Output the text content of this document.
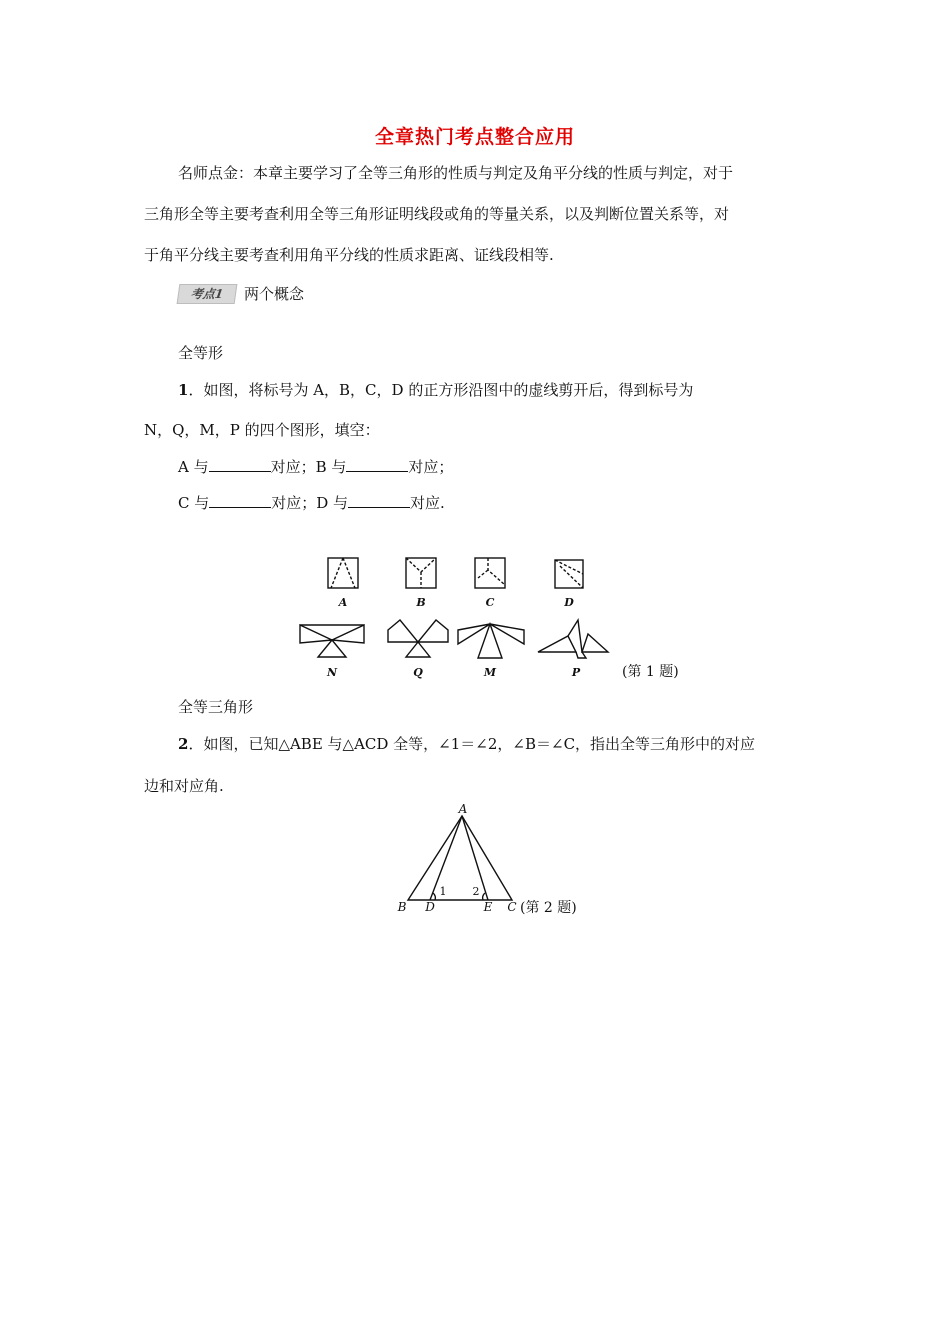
全章热门考点整合应用
名师点金：本章主要学习了全等三角形的性质与判定及角平分线的性质与判定，对于
三角形全等主要考查利用全等三角形证明线段或角的等量关系，以及判断位置关系等，对
于角平分线主要考查利用角平分线的性质求距离、证线段相等.
考点1	两个概念
全等形
1．如图，将标号为 A，B，C，D 的正方形沿图中的虚线剪开后，得到标号为
N，Q，M，P 的四个图形，填空：
A 与	对应；B 与	对应；
C 与	对应；D 与	对应.
A	B	C	D
N	Q	M	P	(第 1 题)
全等三角形
2．如图，已知△ABE 与△ACD 全等，∠1＝∠2，∠B＝∠C，指出全等三角形中的对应
边和对应角.
A
B D	E C
1 2
(第 2 题)
